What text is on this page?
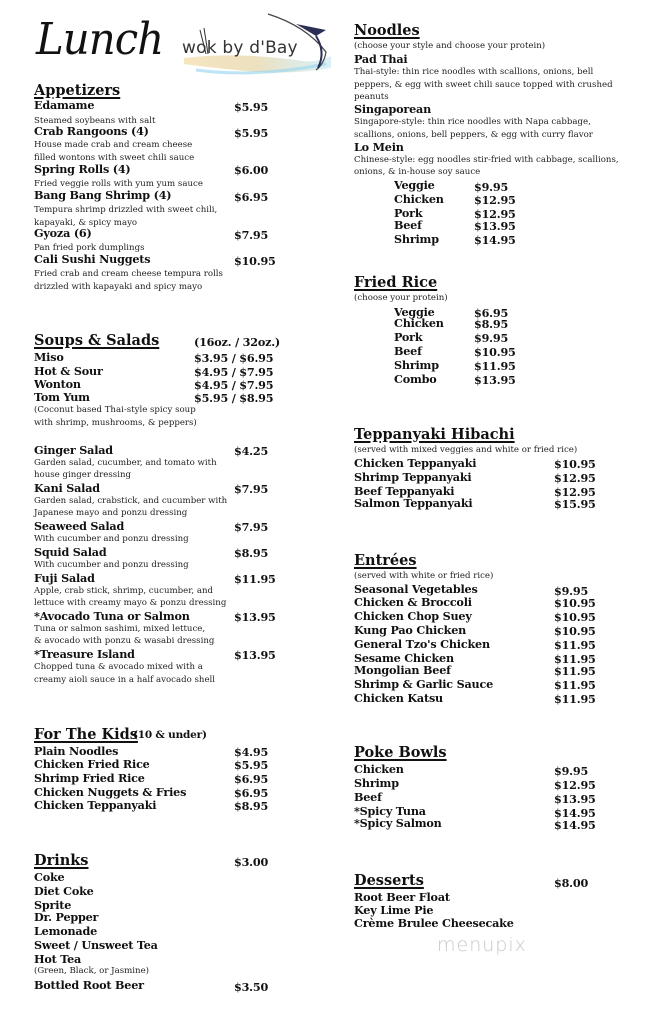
Lunch wok by d'Bay
Appetizers
Edamame	$5.95
Steamed soybeans with salt
Crab Rangoons (4)	$5.95
House made crab and cream cheese
filled wontons with sweet chili sauce
Spring Rolls (4)	$6.00
Fried veggie rolls with yum yum sauce
Bang Bang Shrimp (4)	$6.95
Tempura shrimp drizzled with sweet chili,
kapayaki, & spicy mayo
Gyoza (6)	$7.95
Pan fried pork dumplings
Cali Sushi Nuggets	$10.95
Fried crab and cream cheese tempura rolls
drizzled with kapayaki and spicy mayo
Soups & Salads	(16oz. / 32oz.)
Miso	$3.95 / $6.95
Hot & Sour	$4.95 / $7.95
Wonton	$4.95 / $7.95
Tom Yum	$5.95 / $8.95
(Coconut based Thai-style spicy soup
with shrimp, mushrooms, & peppers)
Ginger Salad	$4.25
Garden salad, cucumber, and tomato with
house ginger dressing
Kani Salad	$7.95
Garden salad, crabstick, and cucumber with
Japanese mayo and ponzu dressing
Seaweed Salad	$7.95
With cucumber and ponzu dressing
Squid Salad	$8.95
With cucumber and ponzu dressing
Fuji Salad	$11.95
Apple, crab stick, shrimp, cucumber, and
lettuce with creamy mayo & ponzu dressing
*Avocado Tuna or Salmon	$13.95
Tuna or salmon sashimi, mixed lettuce,
& avocado with ponzu & wasabi dressing
*Treasure Island	$13.95
Chopped tuna & avocado mixed with a
creamy aioli sauce in a half avocado shell
For The Kids
(10 & under)
Plain Noodles	$4.95
Chicken Fried Rice	$5.95
Shrimp Fried Rice	$6.95
Chicken Nuggets & Fries	$6.95
Chicken Teppanyaki	$8.95
Drinks	$3.00
Coke
Diet Coke
Sprite
Dr. Pepper
Lemonade
Sweet / Unsweet Tea
Hot Tea
(Green, Black, or Jasmine)
Bottled Root Beer	$3.50
Noodles
(choose your style and choose your protein)
Pad Thai
Thai-style: thin rice noodles with scallions, onions, bell
peppers, & egg with sweet chili sauce topped with crushed
peanuts
Singaporean
Singapore-style: thin rice noodles with Napa cabbage,
scallions, onions, bell peppers, & egg with curry flavor
Lo Mein
Chinese-style: egg noodles stir-fried with cabbage, scallions,
onions, & in-house soy sauce
Veggie	$9.95
Chicken	$12.95
Pork	$12.95
Beef	$13.95
Shrimp	$14.95
Fried Rice
(choose your protein)
Veggie	$6.95
Chicken	$8.95
Pork	$9.95
Beef	$10.95
Shrimp	$11.95
Combo	$13.95
Teppanyaki Hibachi
(served with mixed veggies and white or fried rice)
Chicken Teppanyaki	$10.95
Shrimp Teppanyaki	$12.95
Beef Teppanyaki	$12.95
Salmon Teppanyaki	$15.95
Entrées
(served with white or fried rice)
Seasonal Vegetables	$9.95
Chicken & Broccoli	$10.95
Chicken Chop Suey	$10.95
Kung Pao Chicken	$10.95
General Tzo's Chicken	$11.95
Sesame Chicken	$11.95
Mongolian Beef	$11.95
Shrimp & Garlic Sauce	$11.95
Chicken Katsu	$11.95
Poke Bowls
Chicken	$9.95
Shrimp	$12.95
Beef	$13.95
*Spicy Tuna	$14.95
*Spicy Salmon	$14.95
Desserts	$8.00
Root Beer Float
Key Lime Pie
Crème Brulee Cheesecake
menupix
